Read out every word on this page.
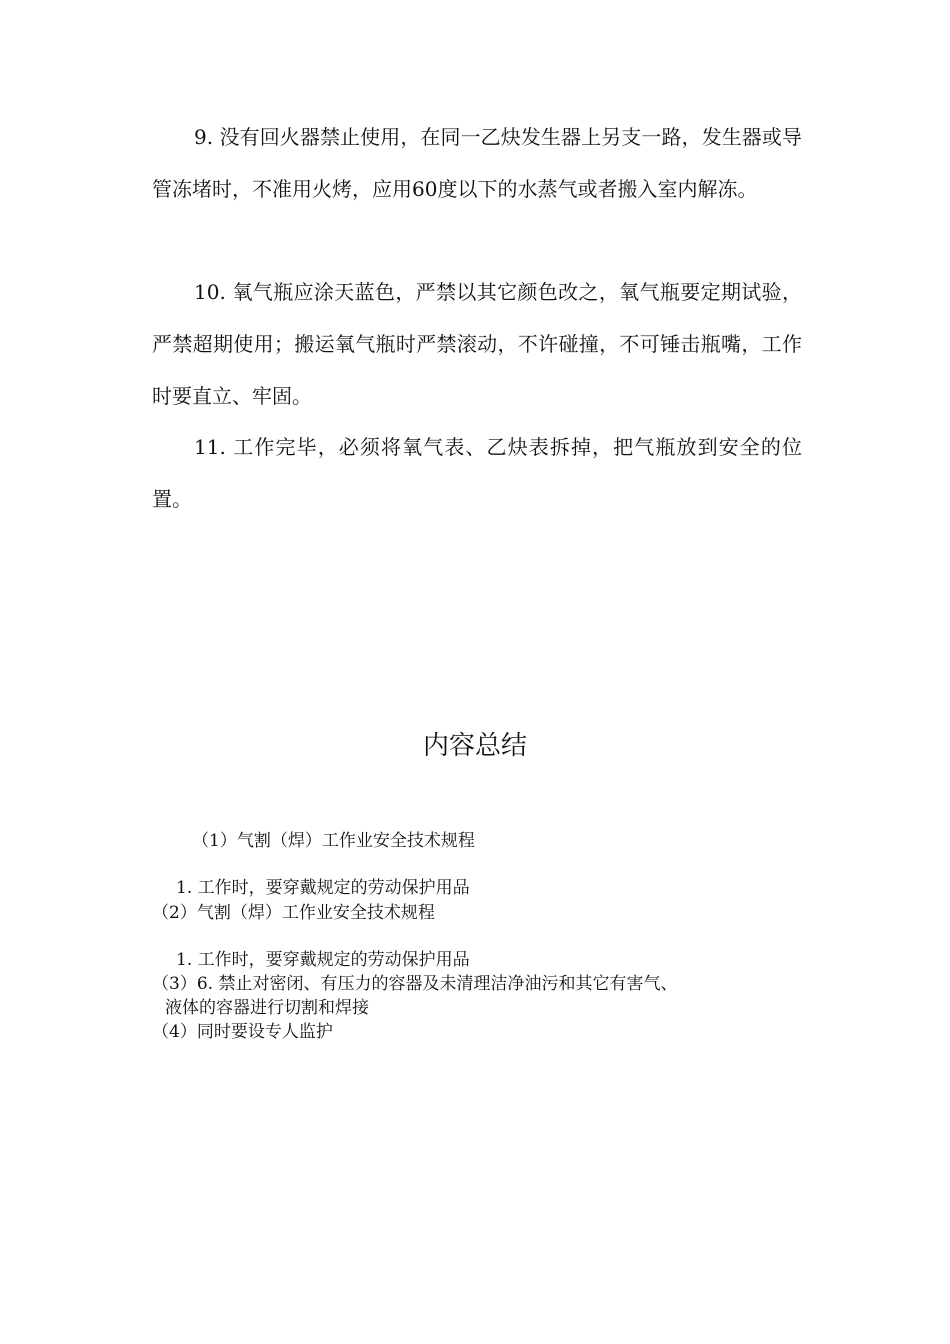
9. 没有回火器禁止使用，在同一乙炔发生器上另支一路，发生器或导管冻堵时，不准用火烤，应用60度以下的水蒸气或者搬入室内解冻。

10. 氧气瓶应涂天蓝色，严禁以其它颜色改之，氧气瓶要定期试验，严禁超期使用；搬运氧气瓶时严禁滚动，不许碰撞，不可锤击瓶嘴，工作时要直立、牢固。

11. 工作完毕，必须将氧气表、乙炔表拆掉，把气瓶放到安全的位置。

内容总结

（1）气割（焊）工作业安全技术规程

1. 工作时，要穿戴规定的劳动保护用品

（2）气割（焊）工作业安全技术规程

1. 工作时，要穿戴规定的劳动保护用品

（3）6. 禁止对密闭、有压力的容器及未清理洁净油污和其它有害气、

液体的容器进行切割和焊接

（4）同时要设专人监护
